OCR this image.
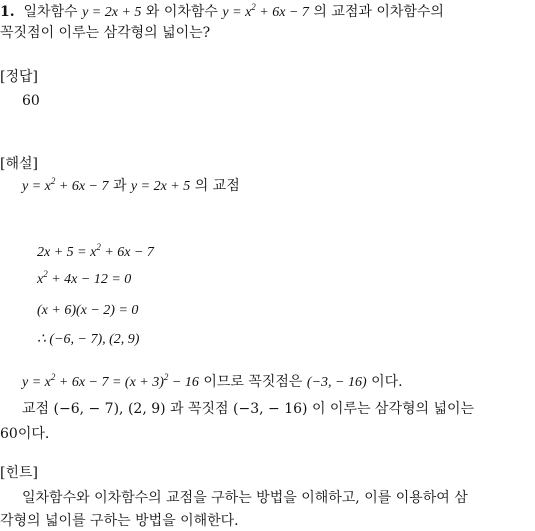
1. 일차함수 y = 2x + 5 와 이차함수 $y = x^2 + 6x - 7$ 의 교점과 이차함수의
꼭짓점이 이루는 삼각형의 넓이는?
[정답]
60
[해설]
$y = x^2 + 6x - 7$ 과 y = 2x + 5 의 교점
$2x + 5 = x^2 + 6x - 7$
$x^2 + 4x - 12 = 0$
(x + 6)(x − 2) = 0
∴ (−6, − 7), (2, 9)
$y = x^2 + 6x - 7 = (x + 3)^2 - 16$ 이므로 꼭짓점은 (−3, − 16) 이다.
교점 (−6, − 7), (2, 9) 과 꼭짓점 (−3, − 16) 이 이루는 삼각형의 넓이는
60이다.
[힌트]
일차함수와 이차함수의 교점을 구하는 방법을 이해하고, 이를 이용하여 삼
각형의 넓이를 구하는 방법을 이해한다.
